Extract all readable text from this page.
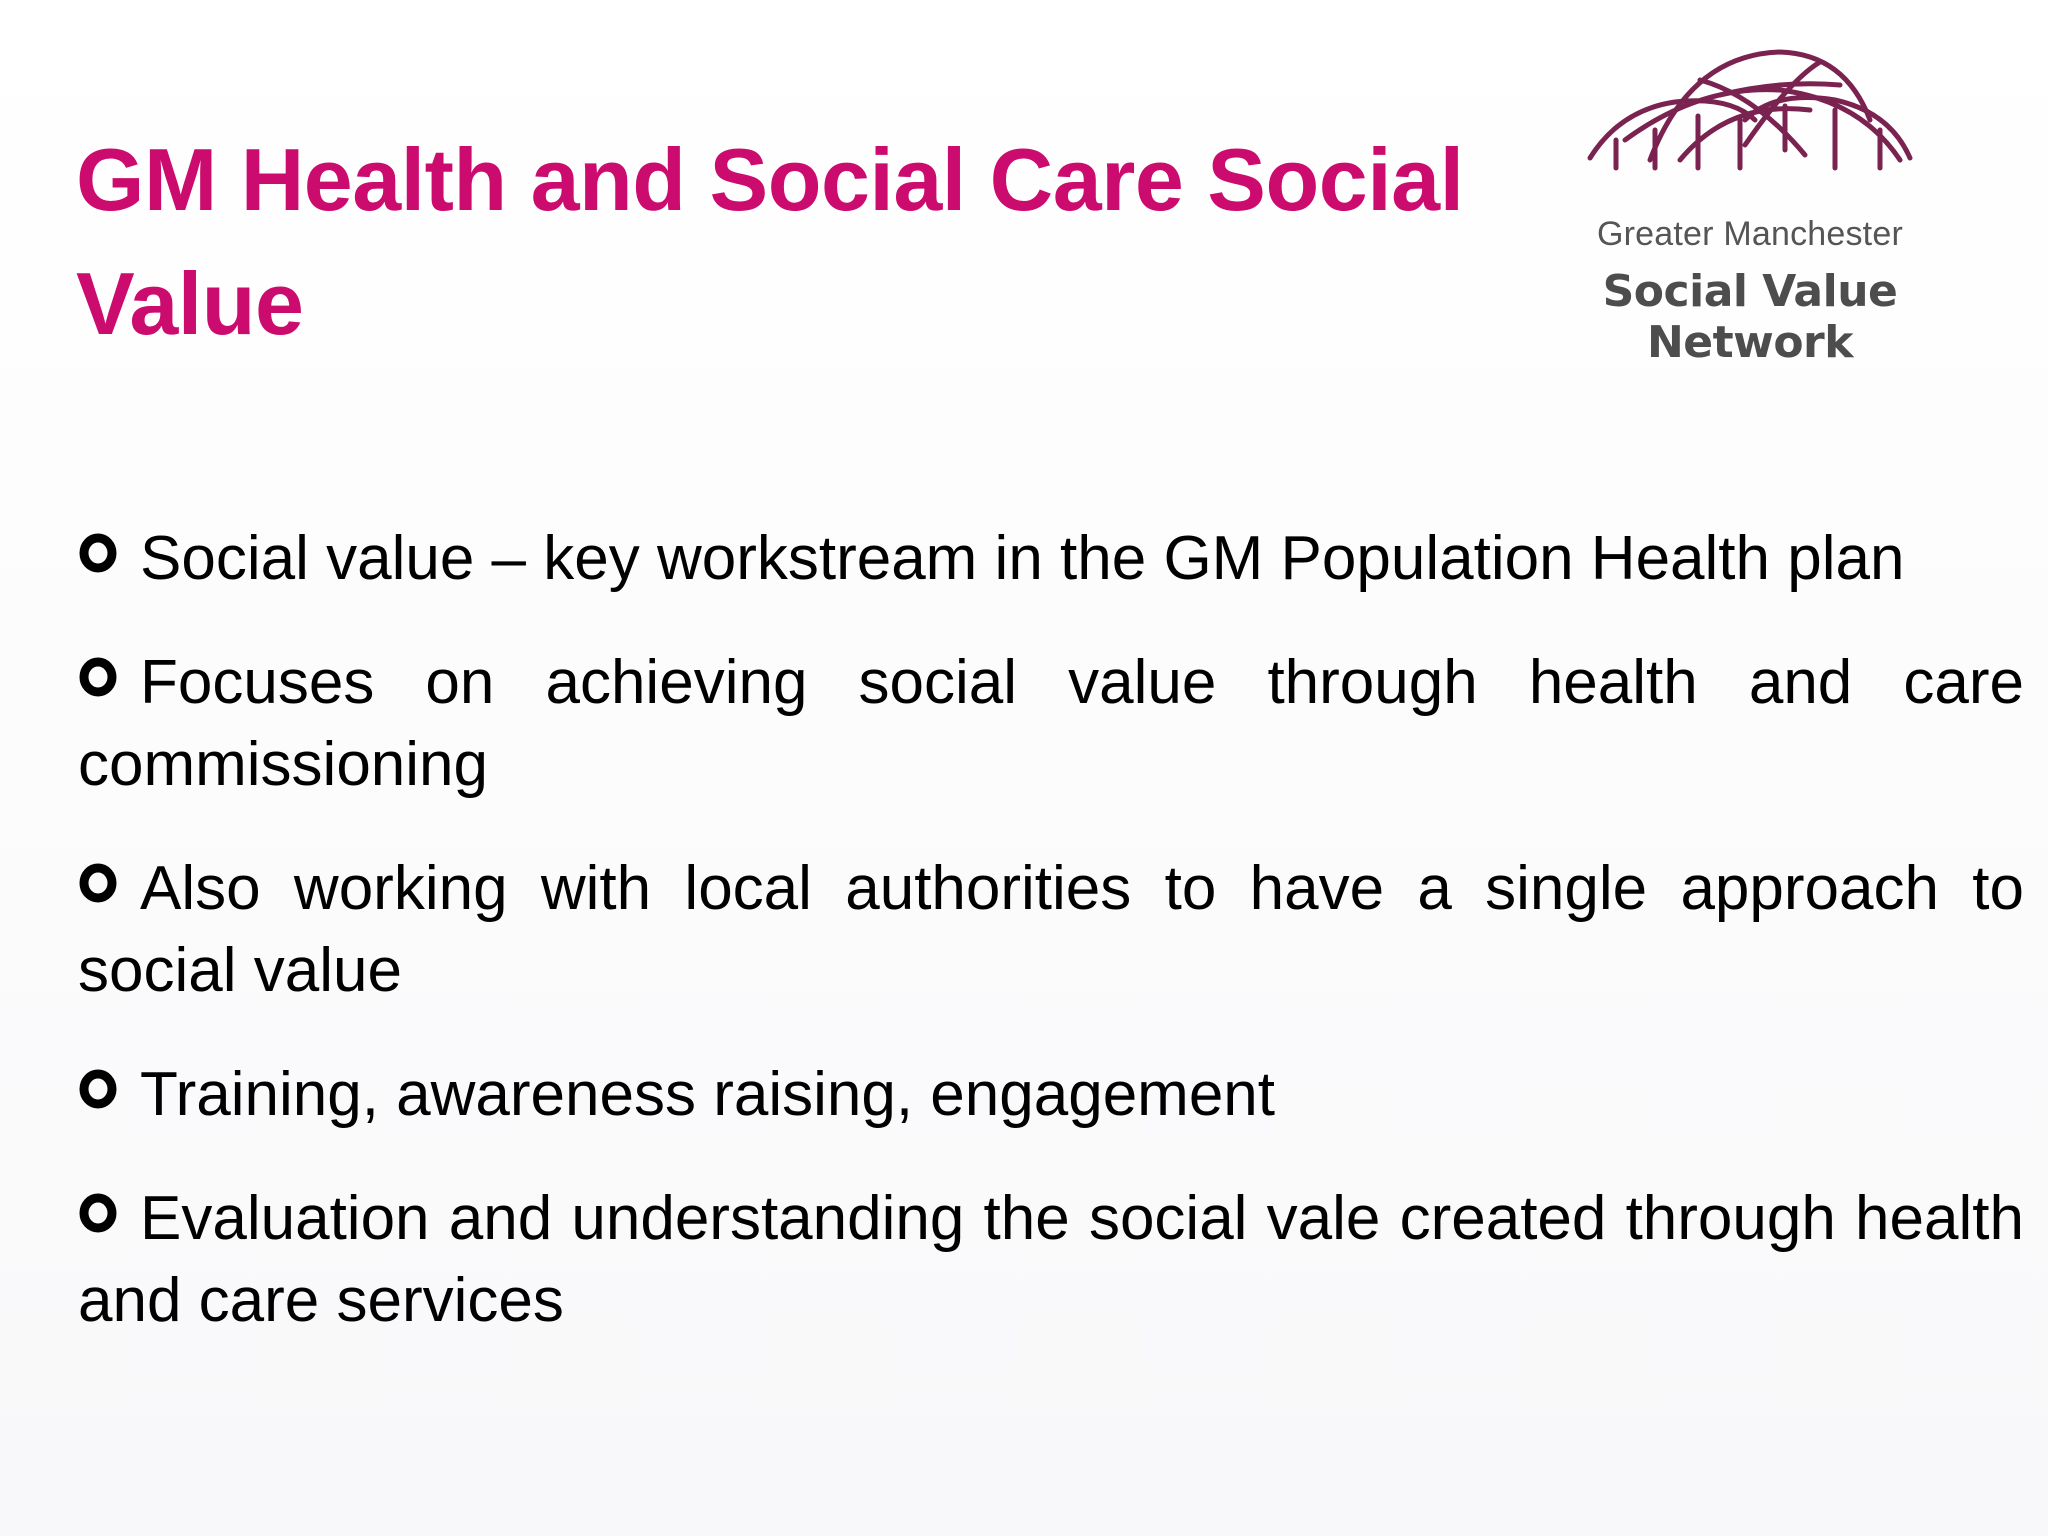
GM Health and Social Care Social Value
Greater Manchester
Social Value Network
Social value – key workstream in the GM Population Health plan
Focuses on achieving social value through health and care commissioning
Also working with local authorities to have a single approach to social value
Training, awareness raising, engagement
Evaluation and understanding the social vale created through health and care services
